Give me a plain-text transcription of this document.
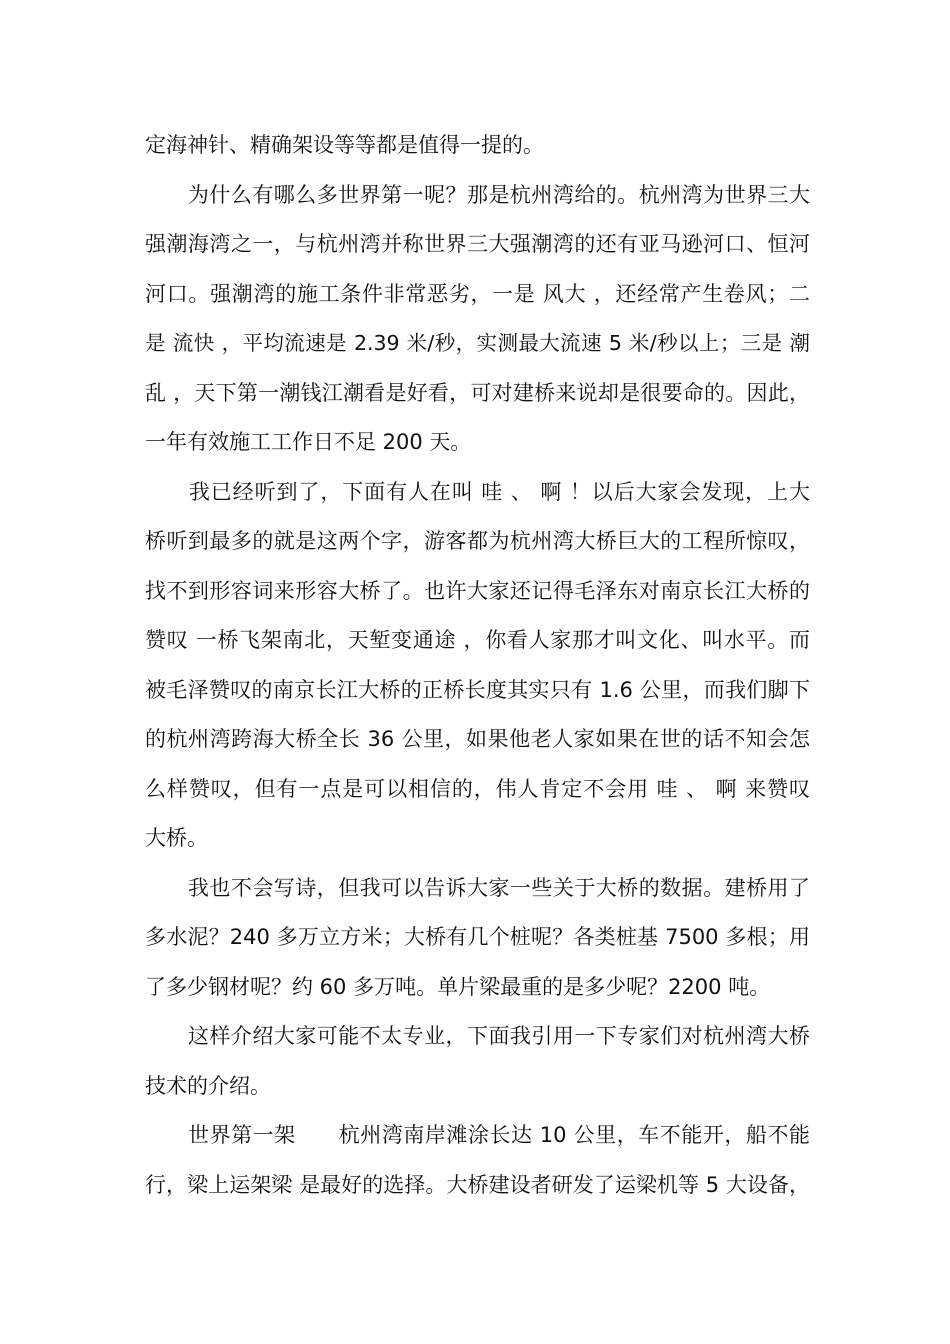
定海神针、精确架设等等都是值得一提的。
　　为什么有哪么多世界第一呢？那是杭州湾给的。杭州湾为世界三大
强潮海湾之一，与杭州湾并称世界三大强潮湾的还有亚马逊河口、恒河
河口。强潮湾的施工条件非常恶劣，一是 风大 ，还经常产生卷风；二
是 流快 ，平均流速是 2.39 米/秒，实测最大流速 5 米/秒以上；三是 潮
乱 ，天下第一潮钱江潮看是好看，可对建桥来说却是很要命的。因此，
一年有效施工工作日不足 200 天。
　　我已经听到了，下面有人在叫 哇 、 啊 ！以后大家会发现，上大
桥听到最多的就是这两个字，游客都为杭州湾大桥巨大的工程所惊叹，
找不到形容词来形容大桥了。也许大家还记得毛泽东对南京长江大桥的
赞叹 一桥飞架南北，天堑变通途 ，你看人家那才叫文化、叫水平。而
被毛泽赞叹的南京长江大桥的正桥长度其实只有 1.6 公里，而我们脚下
的杭州湾跨海大桥全长 36 公里，如果他老人家如果在世的话不知会怎
么样赞叹，但有一点是可以相信的，伟人肯定不会用 哇 、 啊 来赞叹
大桥。
　　我也不会写诗，但我可以告诉大家一些关于大桥的数据。建桥用了
多水泥？240 多万立方米；大桥有几个桩呢？各类桩基 7500 多根；用
了多少钢材呢？约 60 多万吨。单片梁最重的是多少呢？2200 吨。
　　这样介绍大家可能不太专业，下面我引用一下专家们对杭州湾大桥
技术的介绍。
　　世界第一架　　杭州湾南岸滩涂长达 10 公里，车不能开，船不能
行，梁上运架梁 是最好的选择。大桥建设者研发了运梁机等 5 大设备，
